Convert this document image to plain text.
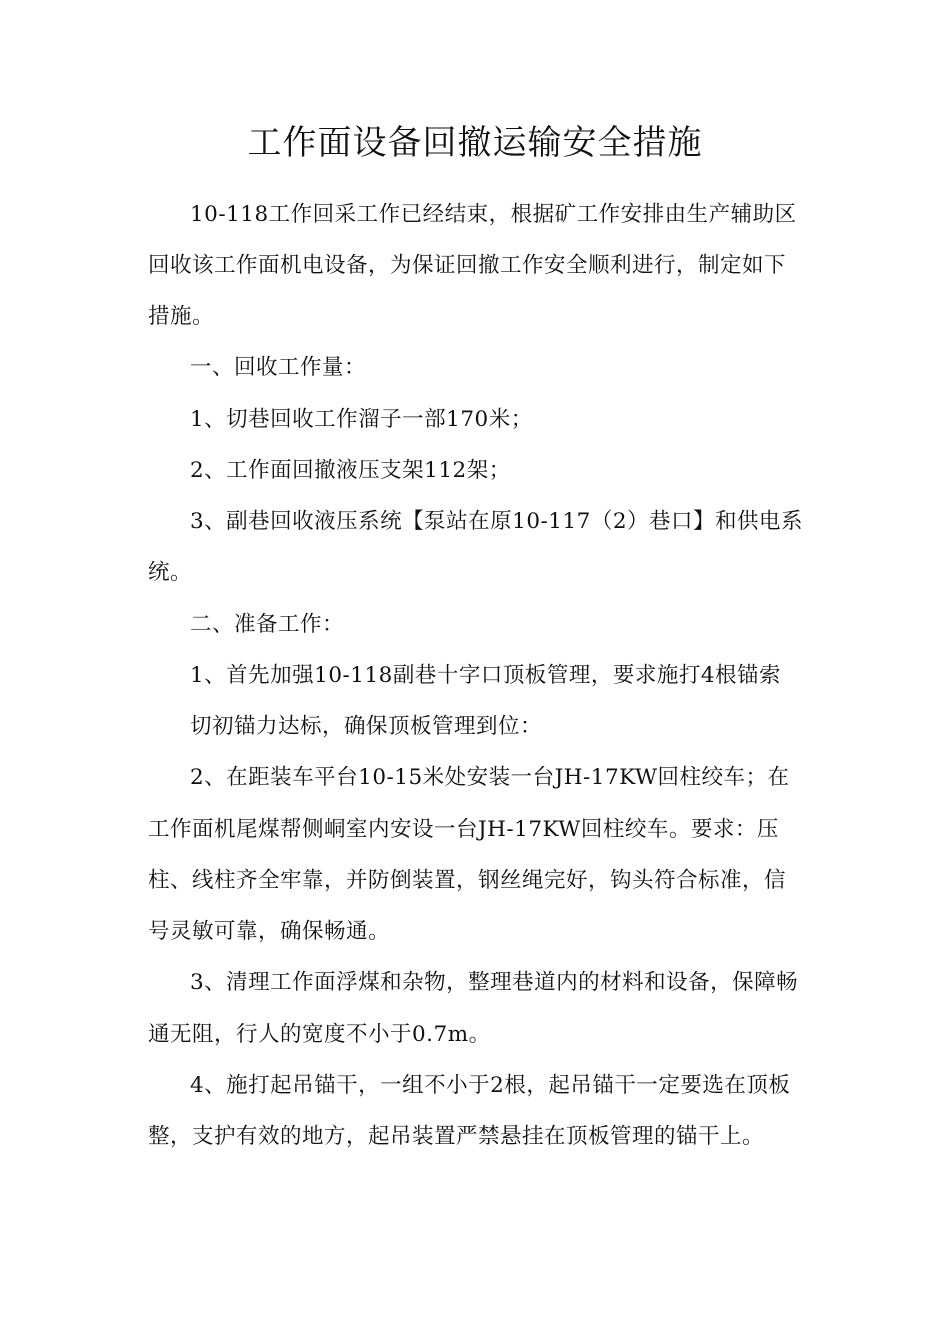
工作面设备回撤运输安全措施
10-118工作回采工作已经结束，根据矿工作安排由生产辅助区
回收该工作面机电设备，为保证回撤工作安全顺利进行，制定如下
措施。
一、回收工作量：
1、切巷回收工作溜子一部170米；
2、工作面回撤液压支架112架；
3、副巷回收液压系统【泵站在原10-117（2）巷口】和供电系
统。
二、准备工作：
1、首先加强10-118副巷十字口顶板管理，要求施打4根锚索
切初锚力达标，确保顶板管理到位：
2、在距装车平台10-15米处安装一台JH-17KW回柱绞车；在
工作面机尾煤帮侧峒室内安设一台JH-17KW回柱绞车。要求：压
柱、线柱齐全牢靠，并防倒装置，钢丝绳完好，钩头符合标准，信
号灵敏可靠，确保畅通。
3、清理工作面浮煤和杂物，整理巷道内的材料和设备，保障畅
通无阻，行人的宽度不小于0.7m。
4、施打起吊锚干，一组不小于2根，起吊锚干一定要选在顶板
整，支护有效的地方，起吊装置严禁悬挂在顶板管理的锚干上。
